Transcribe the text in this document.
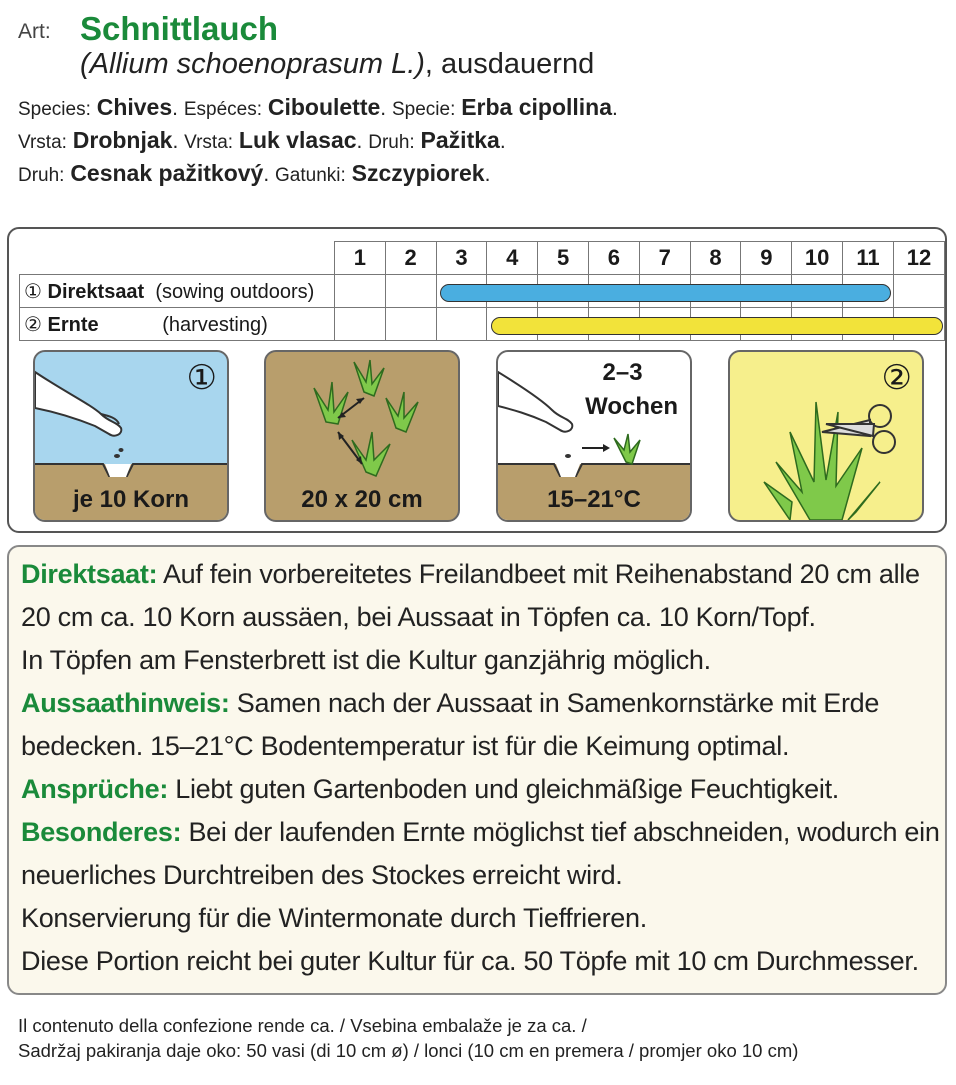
Art: Schnittlauch
(Allium schoenoprasum L.), ausdauernd
Species: Chives. Espéces: Ciboulette. Specie: Erba cipollina.
Vrsta: Drobnjak. Vrsta: Luk vlasac. Druh: Pažitka.
Druh: Cesnak pažitkový. Gatunki: Szczypiorek.
	1	2	3	4	5	6	7	8	9	10	11	12
① Direktsaat (sowing outdoors)												
② Ernte (harvesting)												
①
je 10 Korn	20 x 20 cm
2–3
Wochen
15–21°C
②
Direktsaat: Auf fein vorbereitetes Freilandbeet mit Reihenabstand 20 cm alle
20 cm ca. 10 Korn aussäen, bei Aussaat in Töpfen ca. 10 Korn/Topf.
In Töpfen am Fensterbrett ist die Kultur ganzjährig möglich.
Aussaathinweis: Samen nach der Aussaat in Samenkornstärke mit Erde
bedecken. 15–21°C Bodentemperatur ist für die Keimung optimal.
Ansprüche: Liebt guten Gartenboden und gleichmäßige Feuchtigkeit.
Besonderes: Bei der laufenden Ernte möglichst tief abschneiden, wodurch ein
neuerliches Durchtreiben des Stockes erreicht wird.
Konservierung für die Wintermonate durch Tieffrieren.
Diese Portion reicht bei guter Kultur für ca. 50 Töpfe mit 10 cm Durchmesser.
Il contenuto della confezione rende ca. / Vsebina embalaže je za ca. /
Sadržaj pakiranja daje oko: 50 vasi (di 10 cm ø) / lonci (10 cm en premera / promjer oko 10 cm)
